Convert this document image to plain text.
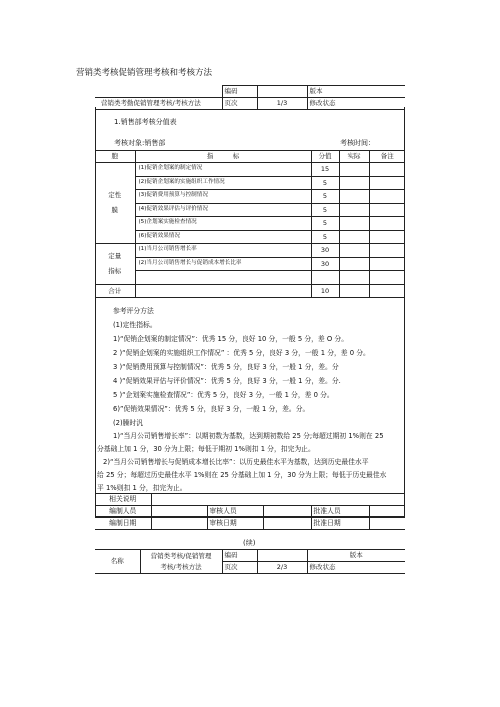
营销类考核促销管理考核和考核方法
	编码		版本
营销类考勤促销管理考核/考核方法	页次	1/3	修改状态
1.销售部考核分值表
考核对象:销售部	考核时间：
胞	指　　　标	分值	实际	备注
定性
膜	(1)促销企划案的制定情况	15		
	(2)促销企划案的实施组织工作情况	5		
	(3)促销费用预算与控制情况	5		
	(4)促销效果评估与评价情况	5		
	(5)企划案实施检查情况	5		
	(6)促销效果情况	5		
定量
指标	(1)当月公司销售增长率	30		
	(2)当月公司销售增长与促销成本增长比率	30		

合计		10		
参考评分方法
(1)定性指标。
1)“促销企划案的制定情况”：优秀 15 分，良好 10 分，一般 5 分，差 O 分。
2 )“促销企划案的实施组织工作情况” ：优秀 5 分，良好 3 分，一般 1 分，差 0 分。
3 )“促销费用预算与控制情况”：优秀 5 分，良好 3 分，一般 1 分，差。分
4 )“促销效果评估与评价情况”：优秀 5 分，良好 3 分，一般 1 分，差。分.
5 )“企划案实施检查情况”：优秀 5 分，良好 3 分，一般 1 分，差 0 分。
6)”促销效果情况”：优秀 5 分，良好 3 分，一般 1 分，差。分。
(2)臊时汎
1)“当月公司销售增长率”：以期初数为基数，达到期初数给 25 分;每超过期初 1%则在 25
分基础上加 1 分，30 分为上限；每低于期初 1%则扣 1 分，扣完为止。
2)“当月公司销售增长与促销成本增长比率”：以历史最佳水平为基数，达到历史最佳水平
给 25 分；每超过历史最佳水平 1%则在 25 分基础上加 1 分，30 分为上限；每低于历史最佳水
平 1%则扣 1 分，扣完为止。
相关说明					
编制人员		审核人员		批准人员	
编制日期		审核日期		批准日期	
(续)
名称	营销类考核/促销管理	编码		版本
	考核/考核方法	页次	2/3	修改状态
